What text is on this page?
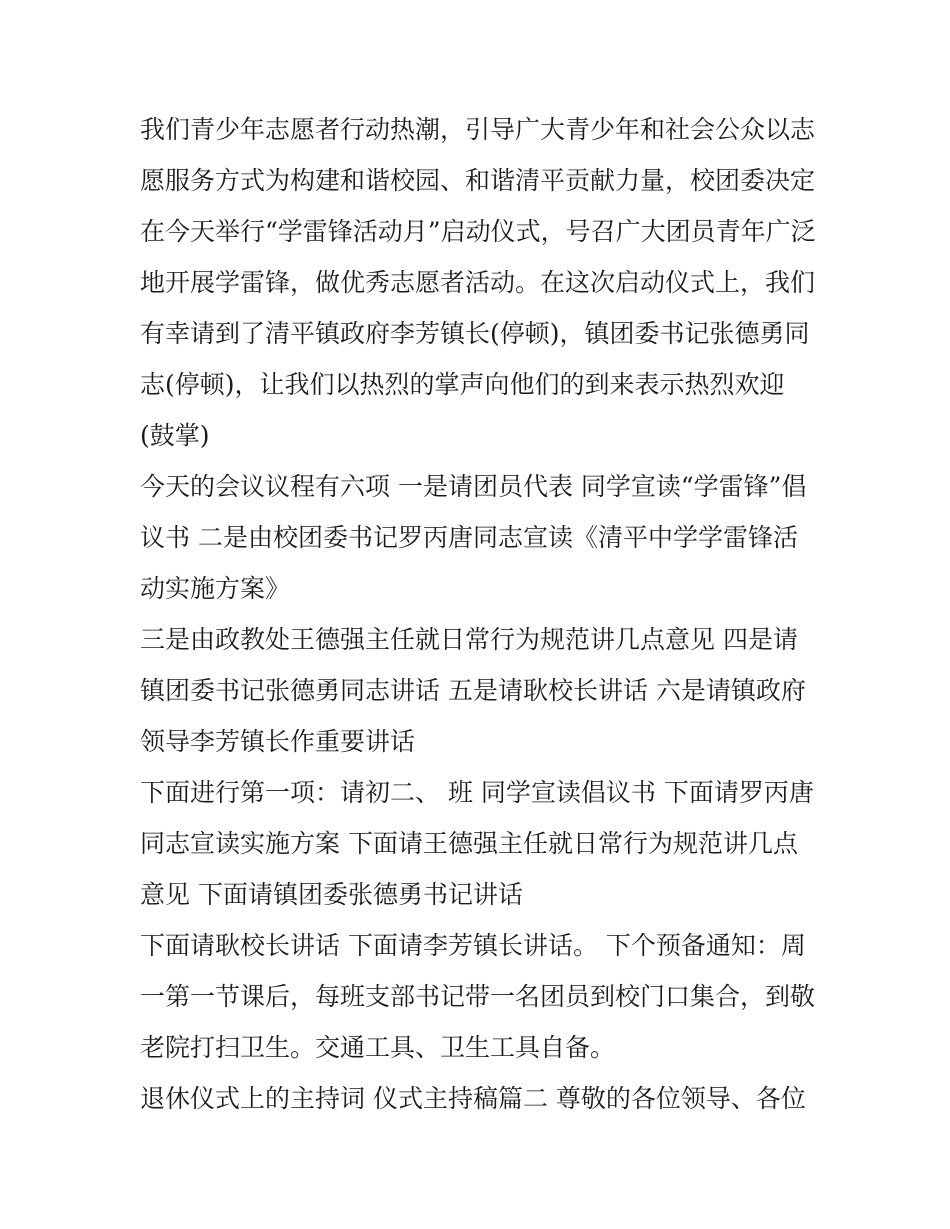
我们青少年志愿者行动热潮，引导广大青少年和社会公众以志
愿服务方式为构建和谐校园、和谐清平贡献力量，校团委决定
在今天举行“学雷锋活动月”启动仪式，号召广大团员青年广泛
地开展学雷锋，做优秀志愿者活动。在这次启动仪式上，我们
有幸请到了清平镇政府李芳镇长(停顿)，镇团委书记张德勇同
志(停顿)，让我们以热烈的掌声向他们的到来表示热烈欢迎
(鼓掌)
今天的会议议程有六项 一是请团员代表 同学宣读“学雷锋”倡
议书 二是由校团委书记罗丙唐同志宣读《清平中学学雷锋活
动实施方案》
三是由政教处王德强主任就日常行为规范讲几点意见 四是请
镇团委书记张德勇同志讲话 五是请耿校长讲话 六是请镇政府
领导李芳镇长作重要讲话
下面进行第一项：请初二、 班 同学宣读倡议书 下面请罗丙唐
同志宣读实施方案 下面请王德强主任就日常行为规范讲几点
意见 下面请镇团委张德勇书记讲话
下面请耿校长讲话 下面请李芳镇长讲话。 下个预备通知：周
一第一节课后，每班支部书记带一名团员到校门口集合，到敬
老院打扫卫生。交通工具、卫生工具自备。
退休仪式上的主持词 仪式主持稿篇二 尊敬的各位领导、各位
